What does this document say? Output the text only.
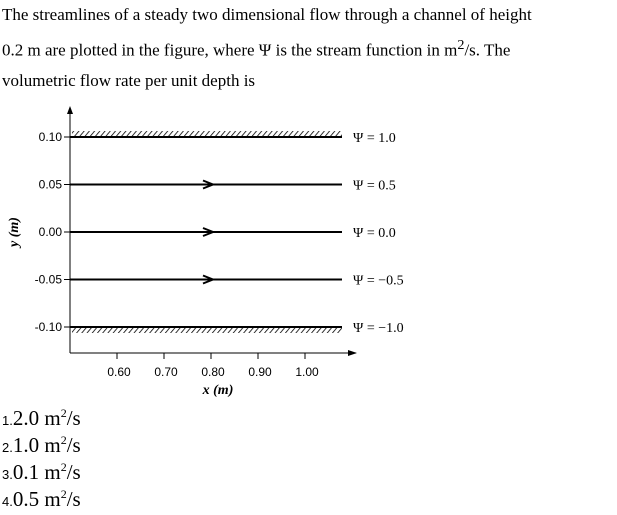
The streamlines of a steady two dimensional flow through a channel of height

0.2 m are plotted in the figure, where Ψ is the stream function in $m^2/s$. The

volumetric flow rate per unit depth is

0.10
0.05
0.00
-0.05
-0.10
0.60 0.70 0.80 0.90 1.00
Ψ = 1.0
Ψ = 0.5
Ψ = 0.0
Ψ = −0.5
Ψ = −1.0
x (m)
y (m)
1.2.0 $m^2/s$
2.1.0 $m^2/s$
3.0.1 $m^2/s$
4.0.5 $m^2/s$
